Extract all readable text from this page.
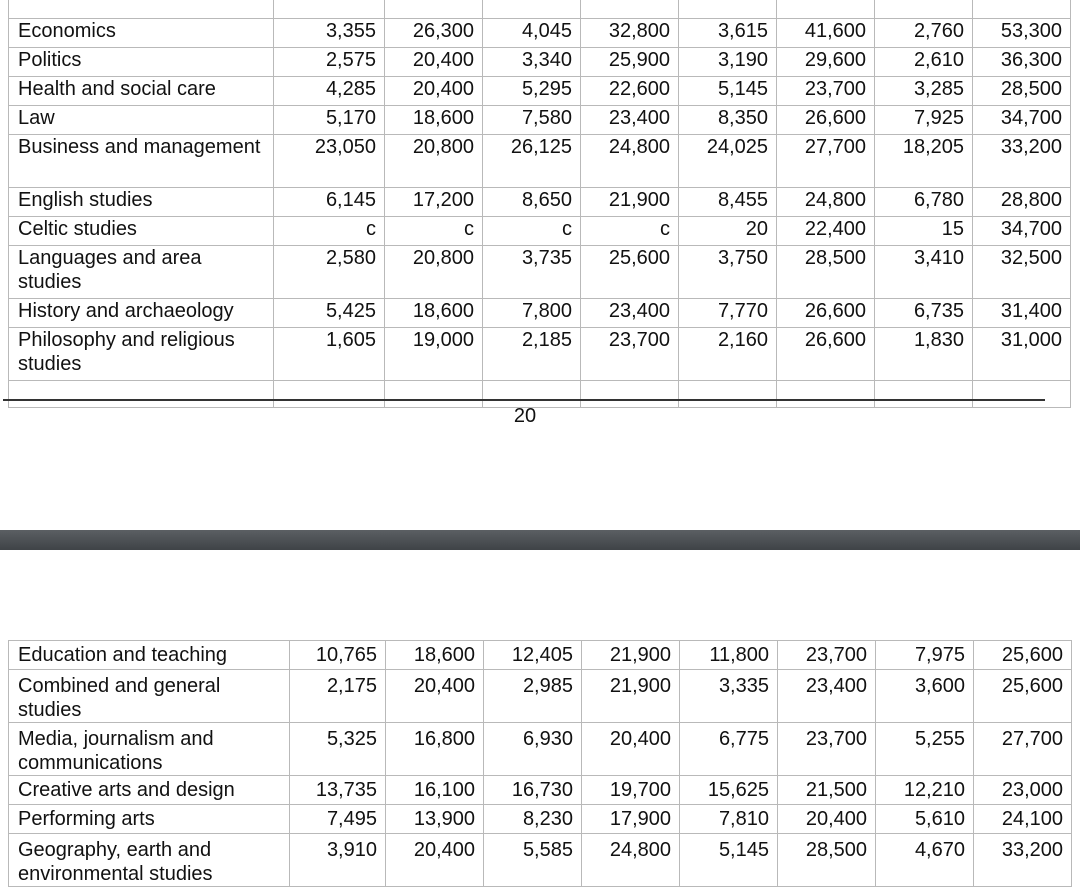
Economics	3,355	26,300	4,045	32,800	3,615	41,600	2,760	53,300
Politics	2,575	20,400	3,340	25,900	3,190	29,600	2,610	36,300
Health and social care	4,285	20,400	5,295	22,600	5,145	23,700	3,285	28,500
Law	5,170	18,600	7,580	23,400	8,350	26,600	7,925	34,700
Business and management	23,050	20,800	26,125	24,800	24,025	27,700	18,205	33,200
English studies	6,145	17,200	8,650	21,900	8,455	24,800	6,780	28,800
Celtic studies	c	c	c	c	20	22,400	15	34,700
Languages and area studies	2,580	20,800	3,735	25,600	3,750	28,500	3,410	32,500
History and archaeology	5,425	18,600	7,800	23,400	7,770	26,600	6,735	31,400
Philosophy and religious studies	1,605	19,000	2,185	23,700	2,160	26,600	1,830	31,000

20
Education and teaching	10,765	18,600	12,405	21,900	11,800	23,700	7,975	25,600
Combined and general studies	2,175	20,400	2,985	21,900	3,335	23,400	3,600	25,600
Media, journalism and communications	5,325	16,800	6,930	20,400	6,775	23,700	5,255	27,700
Creative arts and design	13,735	16,100	16,730	19,700	15,625	21,500	12,210	23,000
Performing arts	7,495	13,900	8,230	17,900	7,810	20,400	5,610	24,100
Geography, earth and environmental studies	3,910	20,400	5,585	24,800	5,145	28,500	4,670	33,200
